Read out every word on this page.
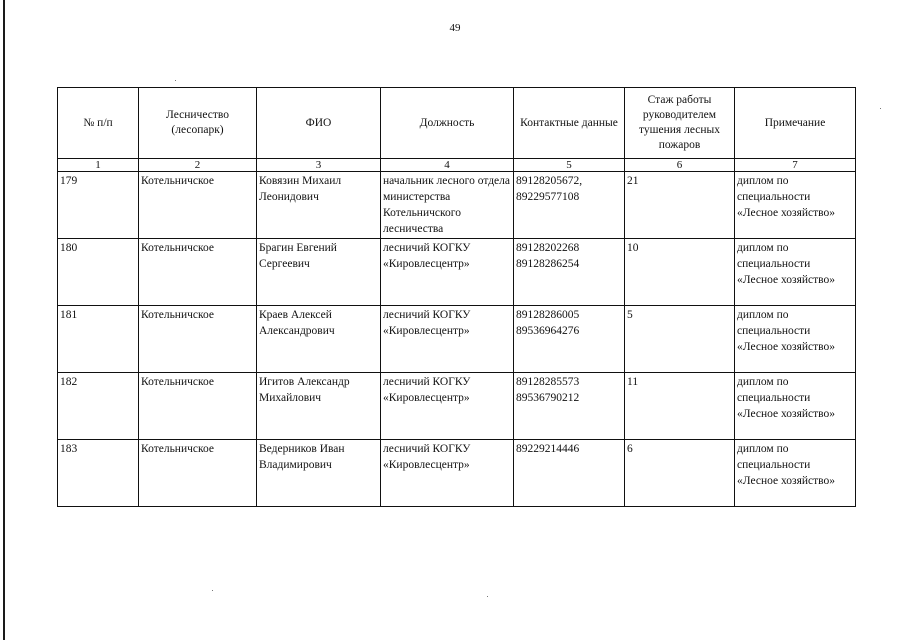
49
№ п/п	Лесничество (лесопарк)	ФИО	Должность	Контактные данные	Стаж работы руководителем тушения лесных пожаров	Примечание
1	2	3	4	5	6	7
179	Котельничское	Ковязин Михаил Леонидович	начальник лесного отдела министерства Котельничского лесничества	89128205672, 89229577108	21	диплом по специальности «Лесное хозяйство»
180	Котельничское	Брагин Евгений Сергеевич	лесничий КОГКУ «Кировлесцентр»	89128202268 89128286254	10	диплом по специальности «Лесное хозяйство»
181	Котельничское	Краев Алексей Александрович	лесничий КОГКУ «Кировлесцентр»	89128286005 89536964276	5	диплом по специальности «Лесное хозяйство»
182	Котельничское	Игитов Александр Михайлович	лесничий КОГКУ «Кировлесцентр»	89128285573 89536790212	11	диплом по специальности «Лесное хозяйство»
183	Котельничское	Ведерников Иван Владимирович	лесничий КОГКУ «Кировлесцентр»	89229214446	6	диплом по специальности «Лесное хозяйство»
